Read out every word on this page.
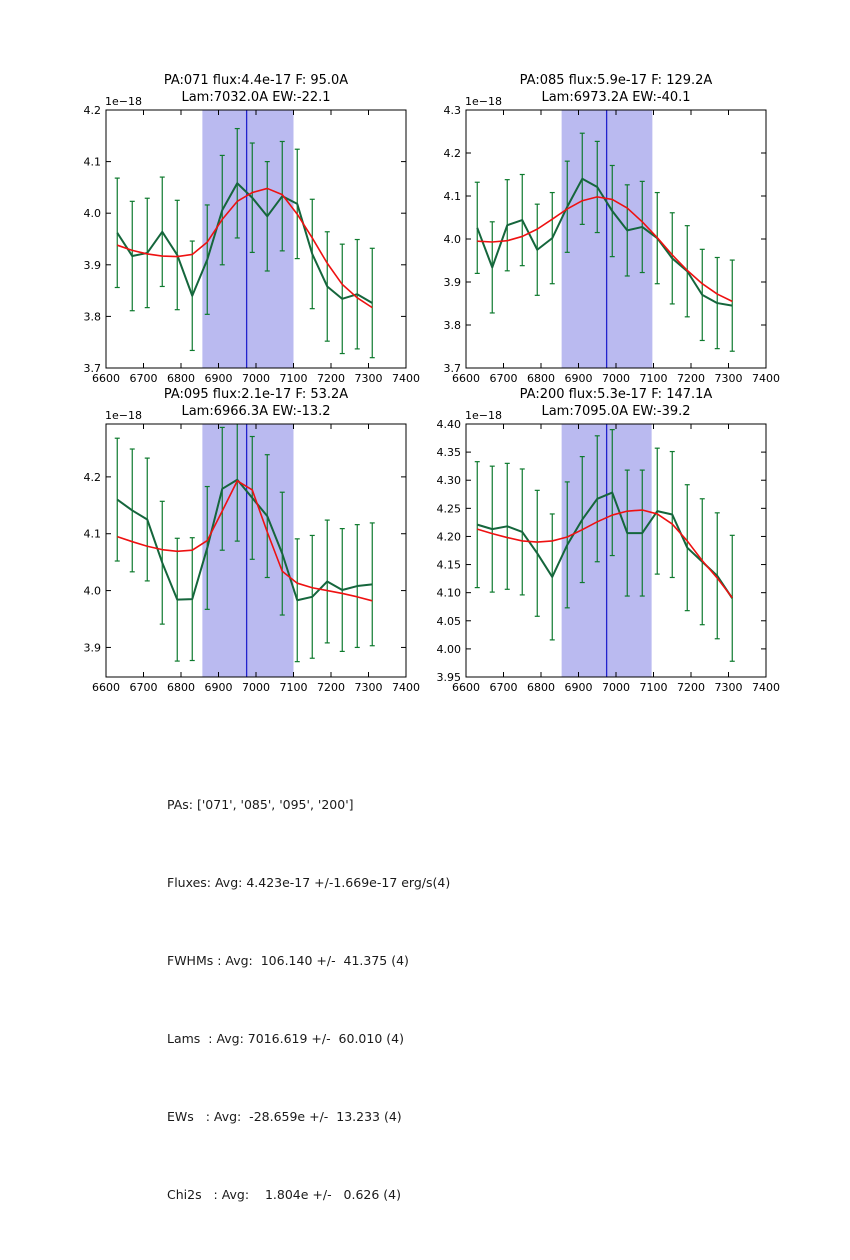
6600 6700 6800 6900 7000 7100 7200 7300 7400
3.7
3.8
3.9
4.0
4.1
4.2
6600 6700 6800 6900 7000 7100 7200 7300 7400
3.7
3.8
3.9
4.0
4.1
4.2
4.3
6600 6700 6800 6900 7000 7100 7200 7300 7400
3.9
4.0
4.1
4.2
6600 6700 6800 6900 7000 7100 7200 7300 7400
3.95
4.00
4.05
4.10
4.15
4.20
4.25
4.30
4.35
4.40
PA:071 flux:4.4e-17 F: 95.0A
Lam:7032.0A EW:-22.1
PA:085 flux:5.9e-17 F: 129.2A
Lam:6973.2A EW:-40.1
PA:095 flux:2.1e-17 F: 53.2A
Lam:6966.3A EW:-13.2
PA:200 flux:5.3e-17 F: 147.1A
Lam:7095.0A EW:-39.2
1e−18	1e−18
1e−18	1e−18

PAs: ['071', '085', '095', '200']

Fluxes: Avg: 4.423e-17 +/-1.669e-17 erg/s(4)

FWHMs : Avg:  106.140 +/-  41.375 (4)

Lams  : Avg: 7016.619 +/-  60.010 (4)

EWs   : Avg:  -28.659e +/-  13.233 (4)

Chi2s   : Avg:    1.804e +/-   0.626 (4)
